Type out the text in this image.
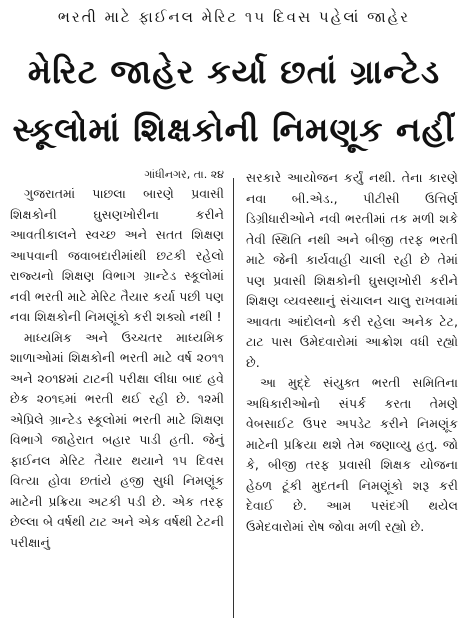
ભરતી માટે ફાઈનલ મેરિટ ૧૫ દિવસ પહેલાં જાહેર
મેરિટ જાહેર કર્યા છતાં ગ્રાન્ટેડ
સ્કૂલોમાં શિક્ષકોની નિમણૂક નહીં
ગાંધીનગર, તા. ૨૪

ગુજરાતમાં પાછલા બારણે પ્રવાસી શિક્ષકોની ઘુસણખોરીના કરીને આવતીકાલને સ્વચ્છ અને સતત શિક્ષણ આપવાની જવાબદારીમાંથી છટકી રહેલો રાજ્યનો શિક્ષણ વિભાગ ગ્રાન્ટેડ સ્કૂલોમાં નવી ભરતી માટે મેરિટ તૈયાર કર્યા પછી પણ નવા શિક્ષકોની નિમણૂંકો કરી શક્યો નથી !

માધ્યમિક અને ઉચ્ચતર માધ્યમિક શાળાઓમાં શિક્ષકોની ભરતી માટે વર્ષ ૨૦૧૧ અને ૨૦૧૪માં ટાટની પરીક્ષા લીધા બાદ હવે છેક ૨૦૧૬માં ભરતી થઈ રહી છે. ૧૨મી એપ્રિલે ગ્રાન્ટેડ સ્કૂલોમાં ભરતી માટે શિક્ષણ વિભાગે જાહેરાત બહાર પાડી હતી. જેનું ફાઈનલ મેરિટ તૈયાર થયાને ૧૫ દિવસ વિત્યા હોવા છતાંયે હજી સુધી નિમણૂંક માટેની પ્રક્રિયા અટકી પડી છે. એક તરફ છેલ્લા બે વર્ષથી ટાટ અને એક વર્ષથી ટેટની પરીક્ષાનું

સરકારે આયોજન કર્યું નથી. તેના કારણે નવા બી.એડ., પીટીસી ઉત્તિર્ણ ડિગ્રીધારીઓને નવી ભરતીમાં તક મળી શકે તેવી સ્થિતિ નથી અને બીજી તરફ ભરતી માટે જેની કાર્યવાહી ચાલી રહી છે તેમાં પણ પ્રવાસી શિક્ષકોની ઘુસણખોરી કરીને શિક્ષણ વ્યવસ્થાનું સંચાલન ચાલુ રાખવામાં આવતા આંદોલનો કરી રહેલા અનેક ટેટ, ટાટ પાસ ઉમેદવારોમાં આક્રોશ વધી રહ્યો છે.

આ મુદ્દે સંયુક્ત ભરતી સમિતિના અધિકારીઓનો સંપર્ક કરતા તેમણે વેબસાઈટ ઉપર અપડેટ કરીને નિમણૂંક માટેની પ્રક્રિયા થશે તેમ જણાવ્યુ હતુ. જો કે, બીજી તરફ પ્રવાસી શિક્ષક યોજના હેઠળ ટૂંકી મુદતની નિમણૂંકો શરૂ કરી દેવાઈ છે. આમ પસંદગી થયેલ ઉમેદવારોમાં રોષ જોવા મળી રહ્યો છે.
